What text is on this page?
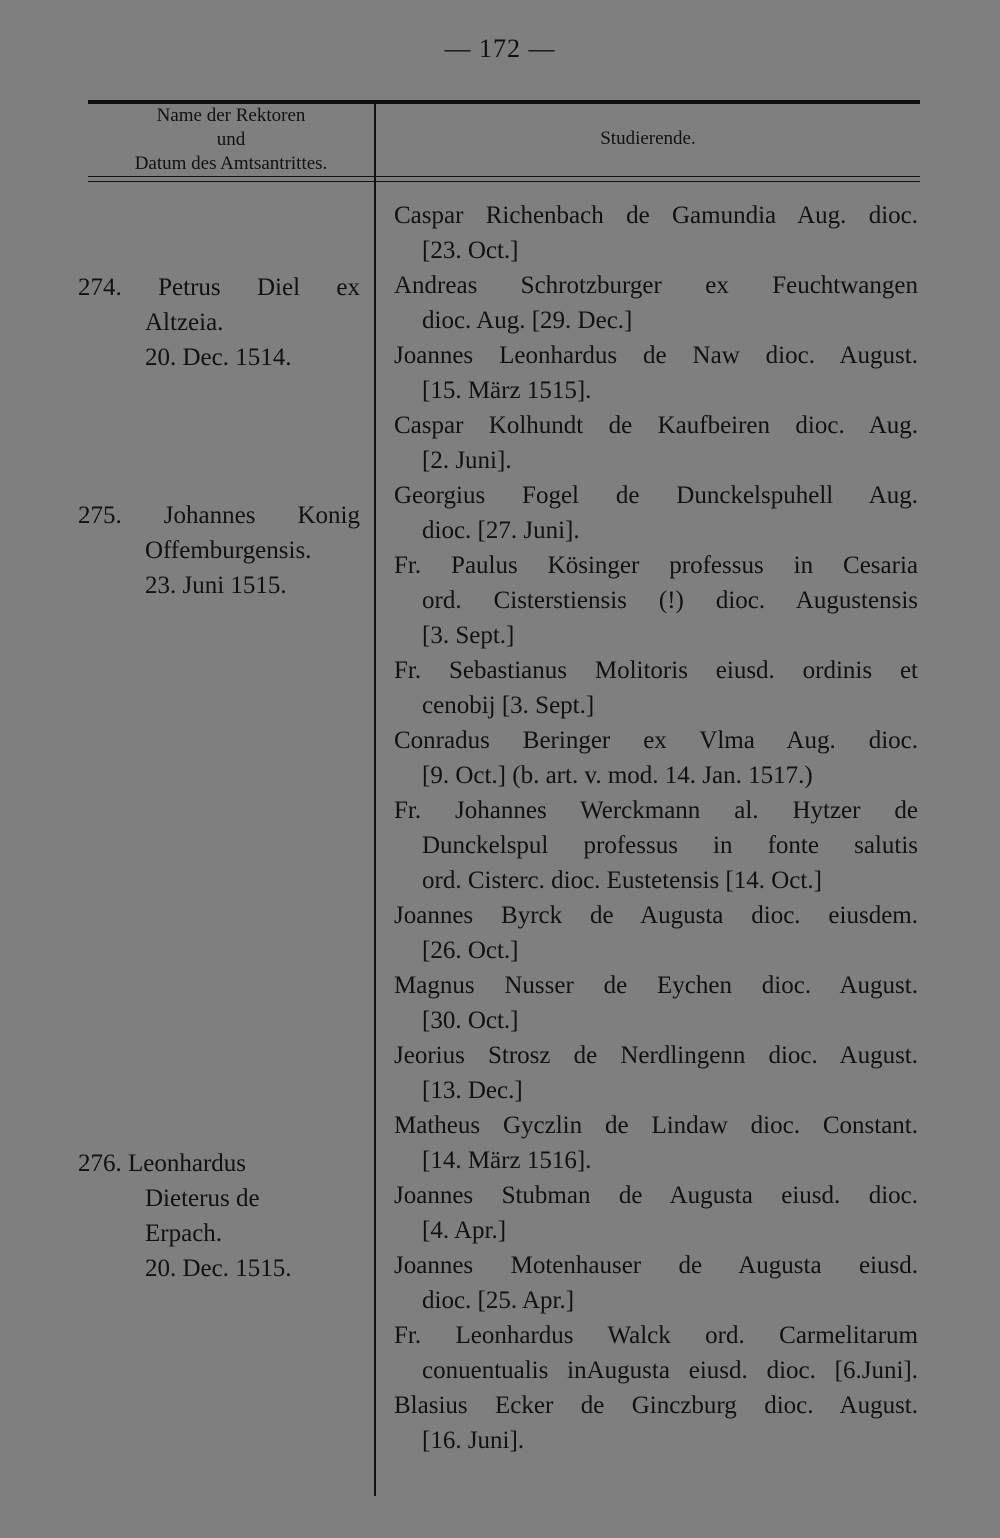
— 172 —
Name der Rektoren
und
Datum des Amtsantrittes.
Studierende.
274. Petrus Diel ex
Altzeia.
20. Dec. 1514.
275. Johannes Konig
Offemburgensis.
23. Juni 1515.
276. Leonhardus
Dieterus de
Erpach.
20. Dec. 1515.
Caspar Richenbach de Gamundia Aug. dioc.
[23. Oct.]
Andreas Schrotzburger ex Feuchtwangen
dioc. Aug. [29. Dec.]
Joannes Leonhardus de Naw dioc. August.
[15. März 1515].
Caspar Kolhundt de Kaufbeiren dioc. Aug.
[2. Juni].
Georgius Fogel de Dunckelspuhell Aug.
dioc. [27. Juni].
Fr. Paulus Kösinger professus in Cesaria
ord. Cisterstiensis (!) dioc. Augustensis
[3. Sept.]
Fr. Sebastianus Molitoris eiusd. ordinis et
cenobij [3. Sept.]
Conradus Beringer ex Vlma Aug. dioc.
[9. Oct.] (b. art. v. mod. 14. Jan. 1517.)
Fr. Johannes Werckmann al. Hytzer de
Dunckelspul professus in fonte salutis
ord. Cisterc. dioc. Eustetensis [14. Oct.]
Joannes Byrck de Augusta dioc. eiusdem.
[26. Oct.]
Magnus Nusser de Eychen dioc. August.
[30. Oct.]
Jeorius Strosz de Nerdlingenn dioc. August.
[13. Dec.]
Matheus Gyczlin de Lindaw dioc. Constant.
[14. März 1516].
Joannes Stubman de Augusta eiusd. dioc.
[4. Apr.]
Joannes Motenhauser de Augusta eiusd.
dioc. [25. Apr.]
Fr. Leonhardus Walck ord. Carmelitarum
conuentualis inAugusta eiusd. dioc. [6.Juni].
Blasius Ecker de Ginczburg dioc. August.
[16. Juni].
